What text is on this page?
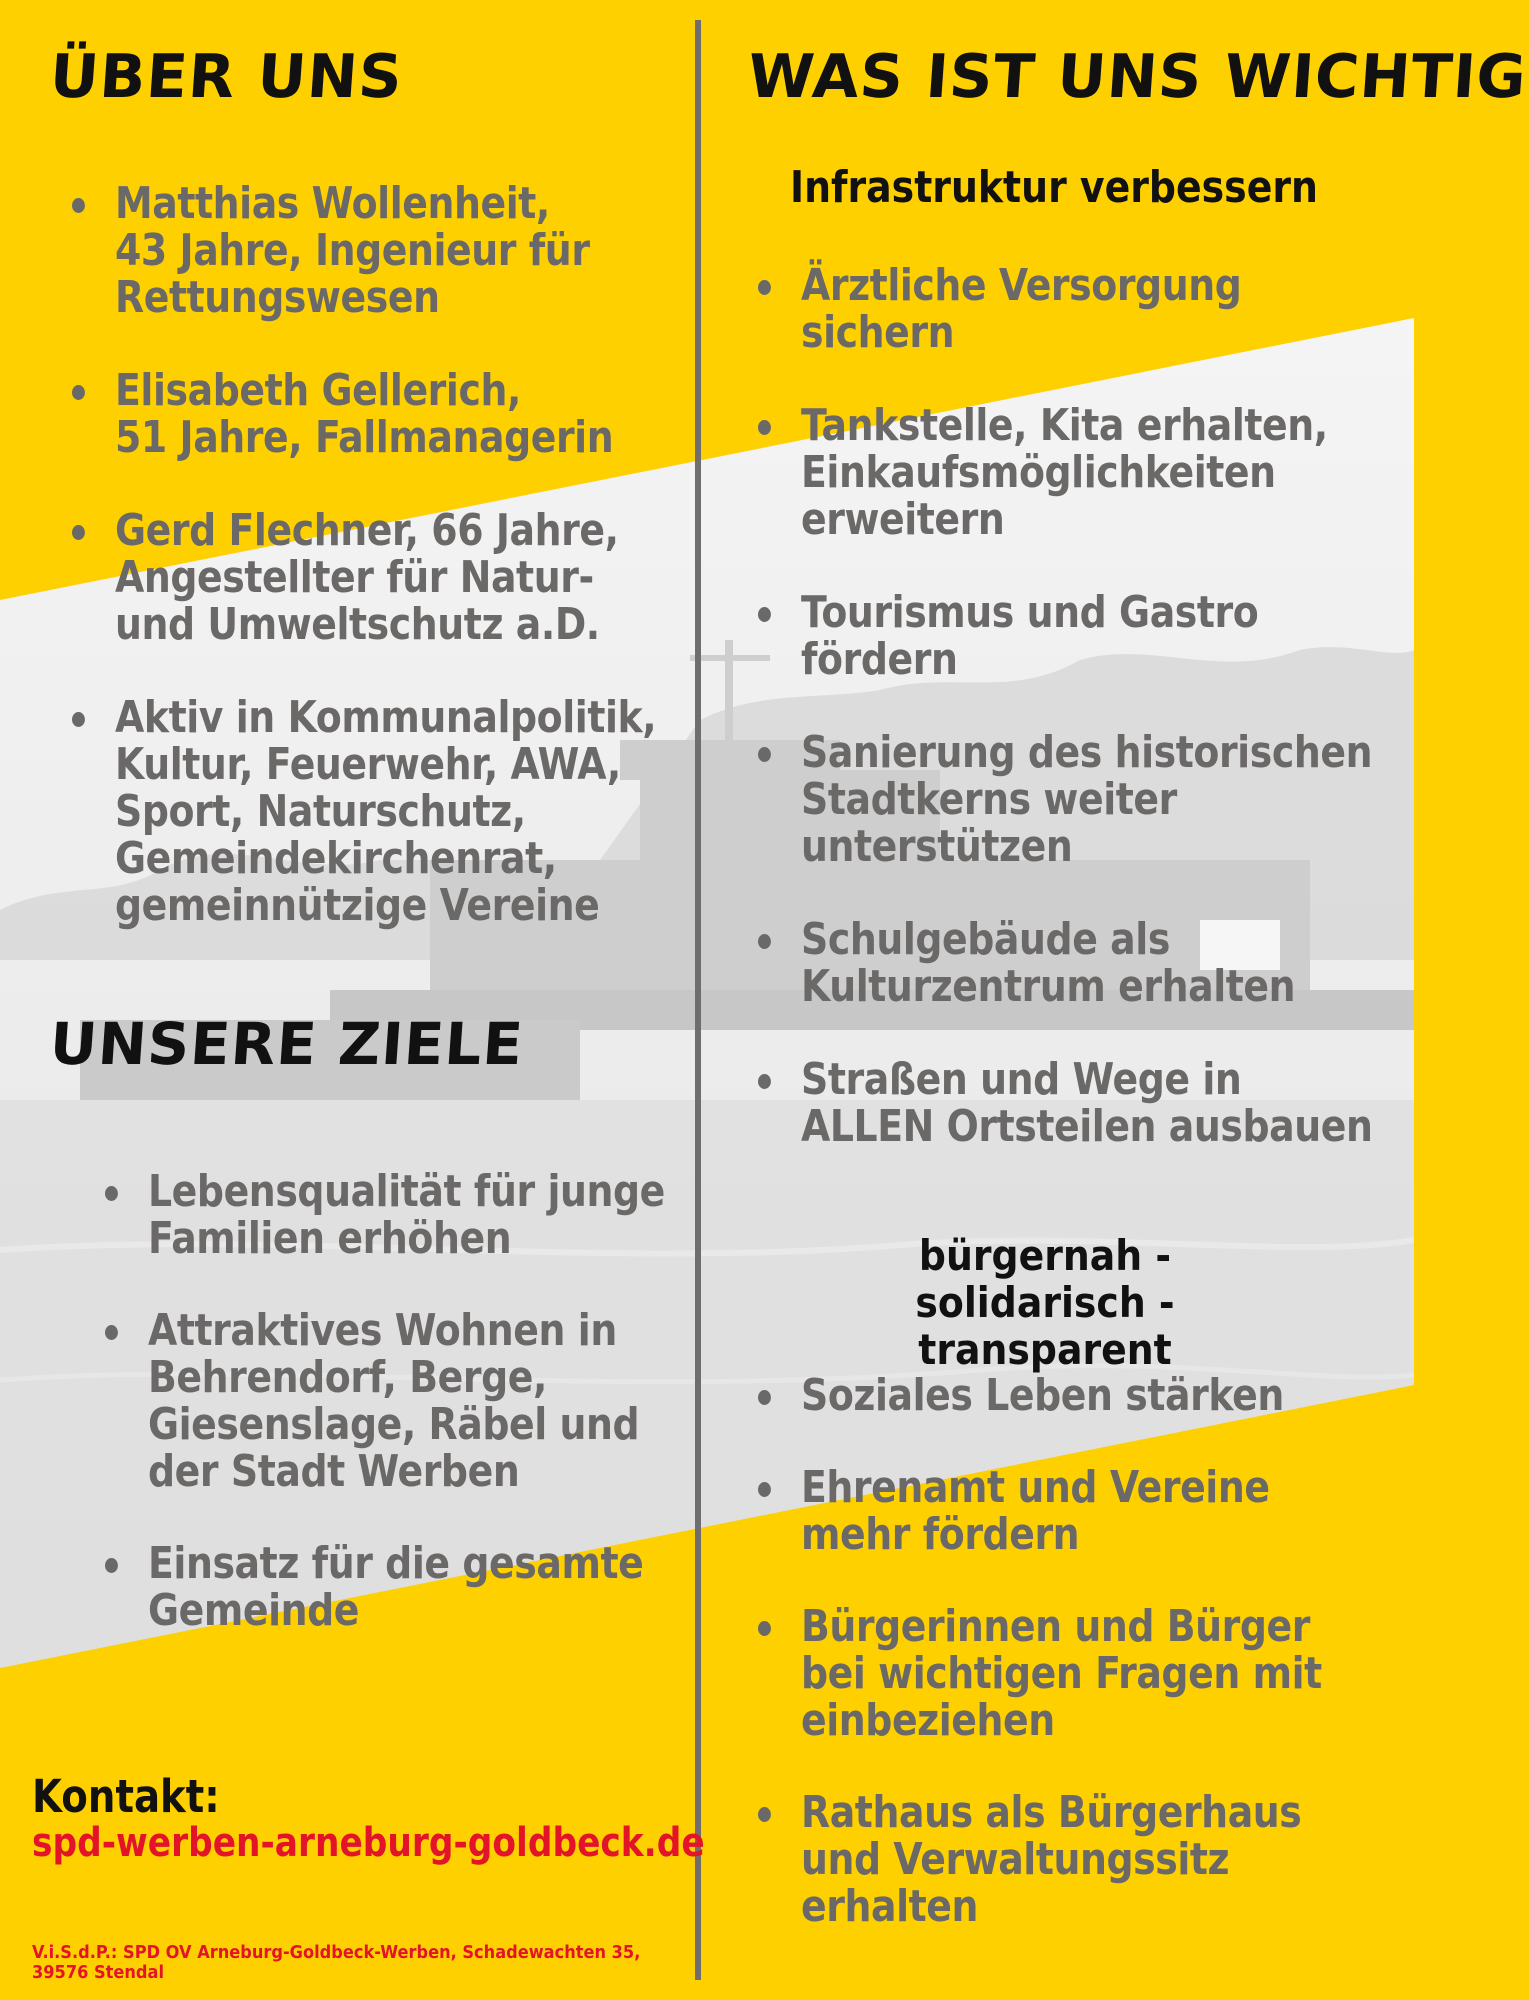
ÜBER UNS
Matthias Wollenheit,
43 Jahre, Ingenieur für
Rettungswesen
Elisabeth Gellerich,
51 Jahre, Fallmanagerin
Gerd Flechner, 66 Jahre,
Angestellter für Natur-
und Umweltschutz a.D.
Aktiv in Kommunalpolitik,
Kultur, Feuerwehr, AWA,
Sport, Naturschutz,
Gemeindekirchenrat,
gemeinnützige Vereine
UNSERE ZIELE
Lebensqualität für junge
Familien erhöhen
Attraktives Wohnen in
Behrendorf, Berge,
Giesenslage, Räbel und
der Stadt Werben
Einsatz für die gesamte
Gemeinde

Kontakt:

spd-werben-arneburg-goldbeck.de

V.i.S.d.P.: SPD OV Arneburg-Goldbeck-Werben, Schadewachten 35,
39576 Stendal

WAS IST UNS WICHTIG
Infrastruktur verbessern
Ärztliche Versorgung
sichern
Tankstelle, Kita erhalten,
Einkaufsmöglichkeiten
erweitern
Tourismus und Gastro
fördern
Sanierung des historischen
Stadtkerns weiter
unterstützen
Schulgebäude als
Kulturzentrum erhalten
Straßen und Wege in
ALLEN Ortsteilen ausbauen
bürgernah - solidarisch -
transparent
Soziales Leben stärken
Ehrenamt und Vereine
mehr fördern
Bürgerinnen und Bürger
bei wichtigen Fragen mit
einbeziehen
Rathaus als Bürgerhaus
und Verwaltungssitz
erhalten
